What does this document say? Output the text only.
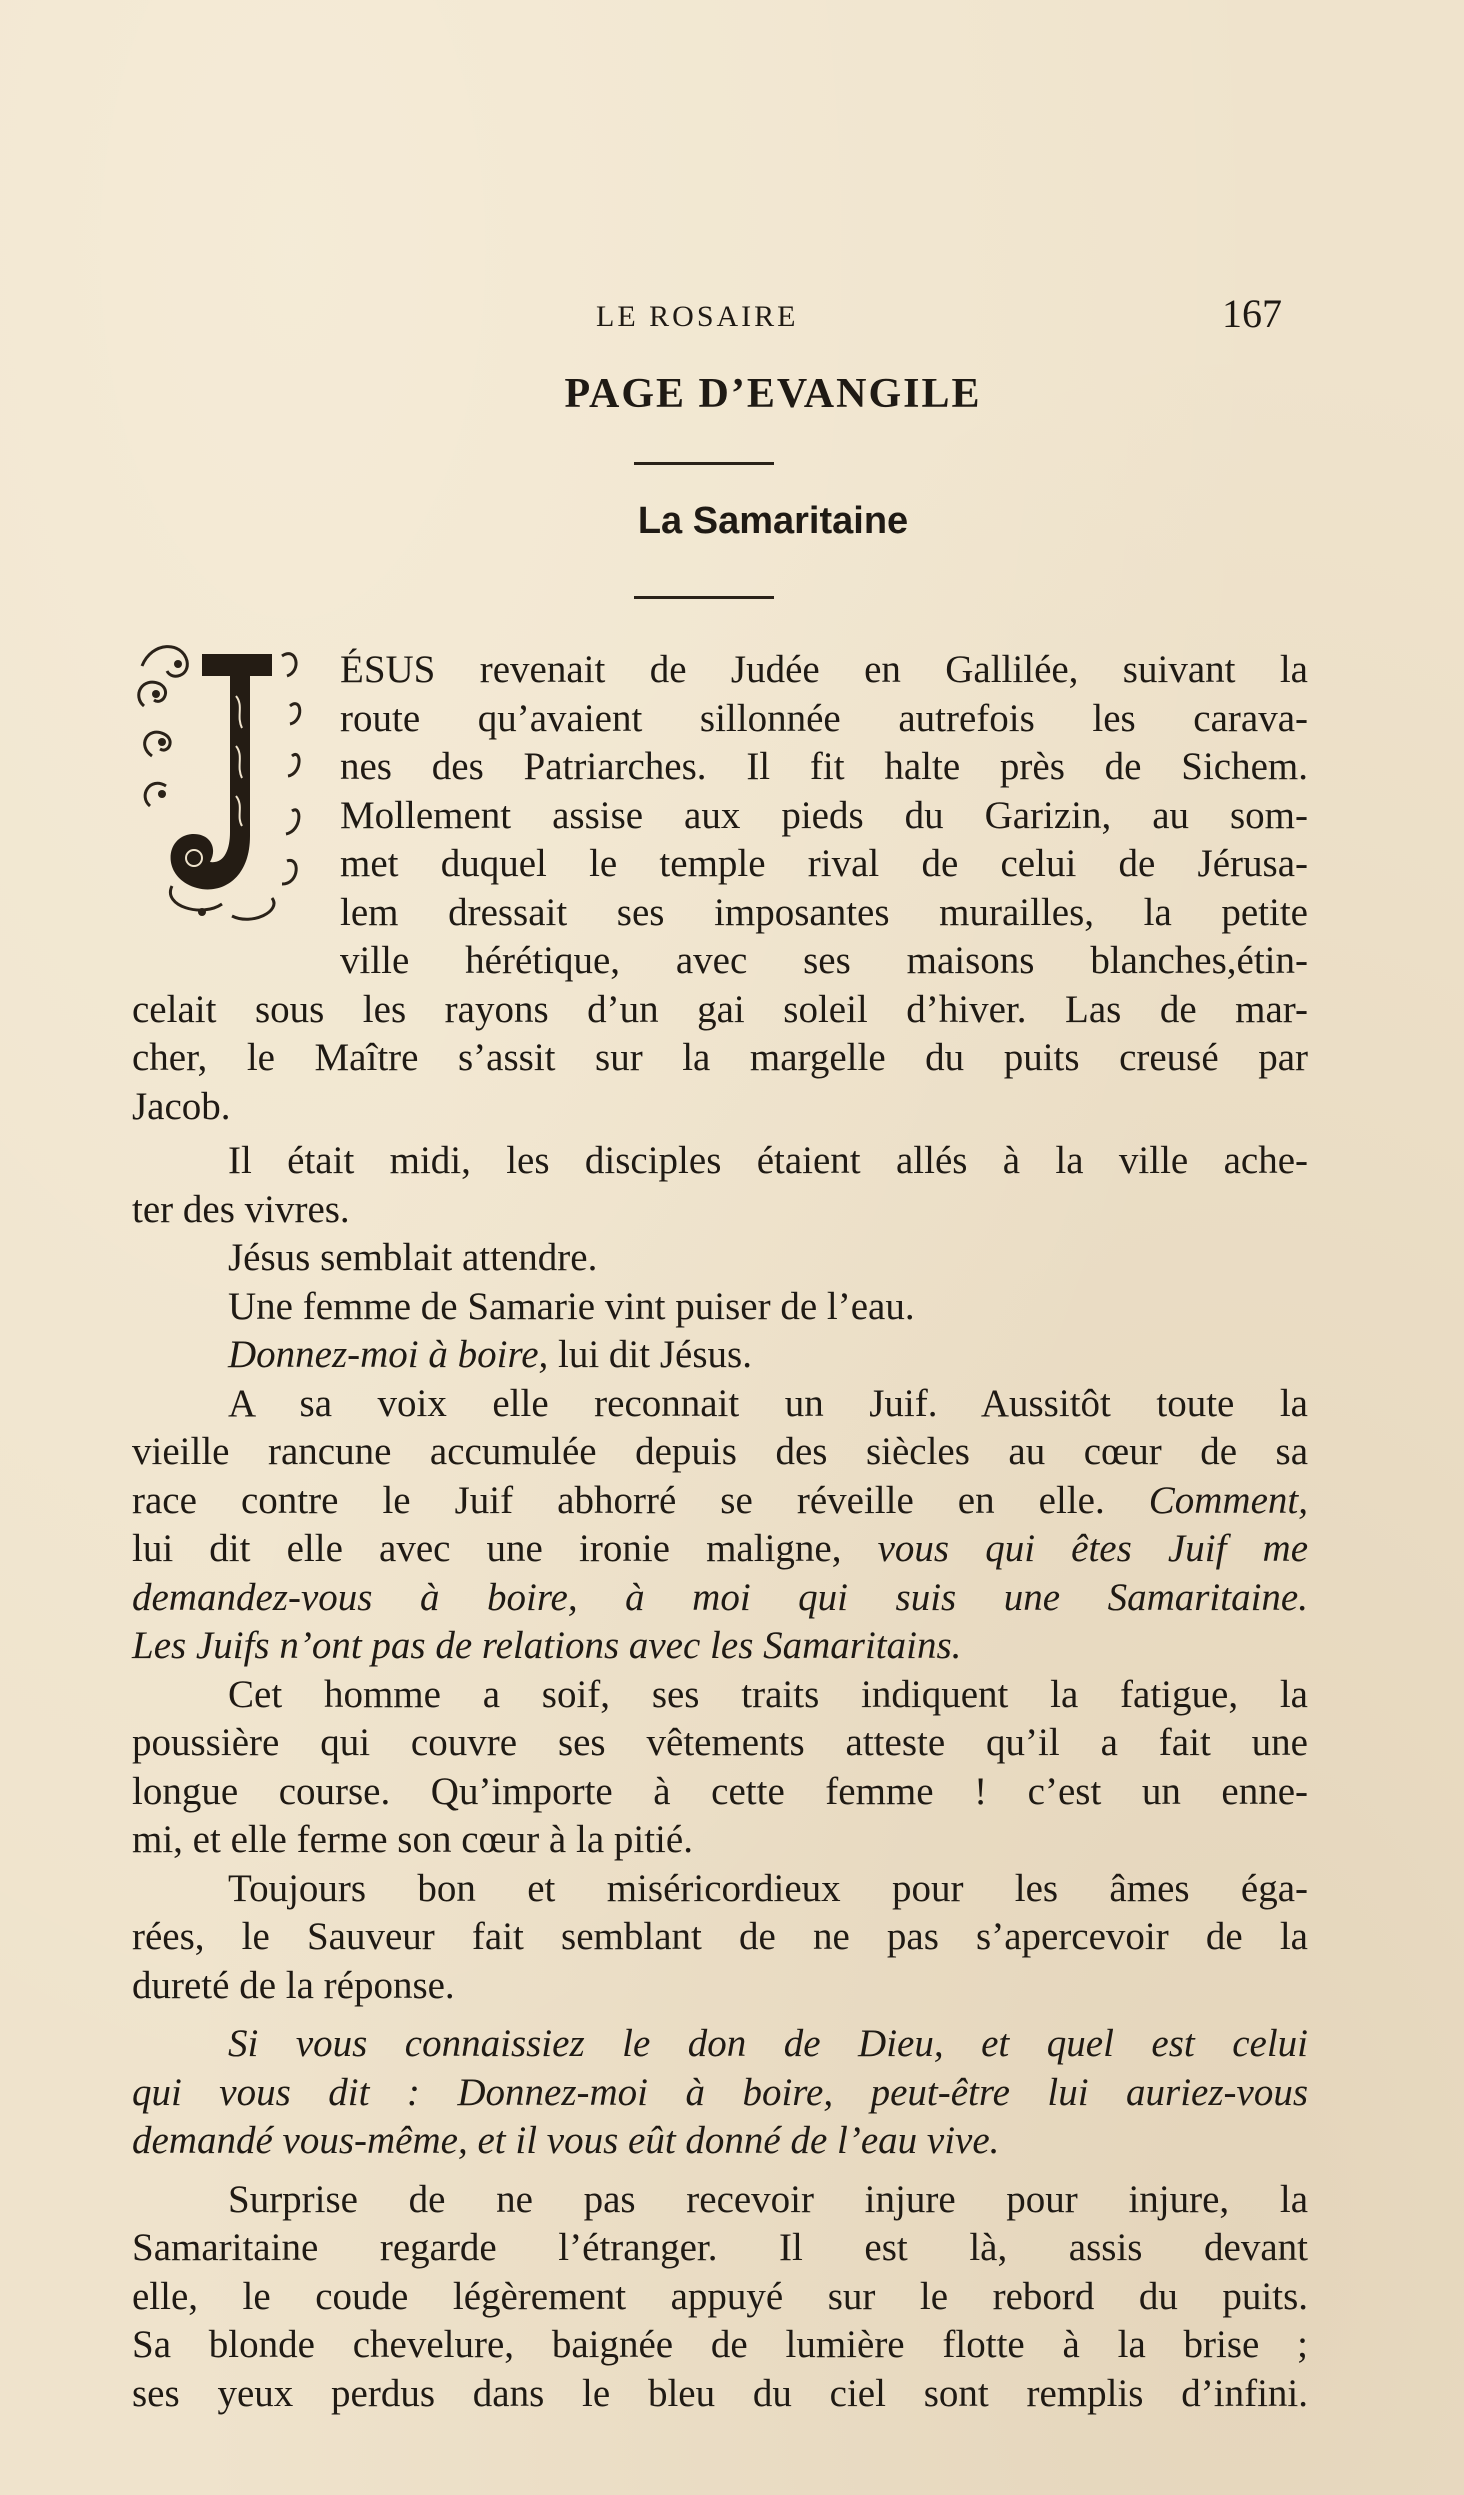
LE ROSAIRE	167
PAGE D’EVANGILE
La Samaritaine

ÉSUS revenait de Judée en Gallilée, suivant la
route qu’avaient sillonnée autrefois les carava-
nes des Patriarches. Il fit halte près de Sichem.
Mollement assise aux pieds du Garizin, au som-
met duquel le temple rival de celui de Jérusa-
lem dressait ses imposantes murailles, la petite
ville hérétique, avec ses maisons blanches,étin-
celait sous les rayons d’un gai soleil d’hiver. Las de mar-
cher, le Maître s’assit sur la margelle du puits creusé par
Jacob.

Il était midi, les disciples étaient allés à la ville ache-

ter des vivres.

Jésus semblait attendre.

Une femme de Samarie vint puiser de l’eau.

Donnez-moi à boire, lui dit Jésus.

A sa voix elle reconnait un Juif. Aussitôt toute la

vieille rancune accumulée depuis des siècles au cœur de sa
race contre le Juif abhorré se réveille en elle. Comment,
lui dit elle avec une ironie maligne, vous qui êtes Juif me
demandez-vous à boire, à moi qui suis une Samaritaine.
Les Juifs n’ont pas de relations avec les Samaritains.

Cet homme a soif, ses traits indiquent la fatigue, la

poussière qui couvre ses vêtements atteste qu’il a fait une
longue course. Qu’importe à cette femme ! c’est un enne-
mi, et elle ferme son cœur à la pitié.

Toujours bon et miséricordieux pour les âmes éga-

rées, le Sauveur fait semblant de ne pas s’apercevoir de la
dureté de la réponse.

Si vous connaissiez le don de Dieu, et quel est celui

qui vous dit : Donnez-moi à boire, peut-être lui auriez-vous
demandé vous-même, et il vous eût donné de l’eau vive.

Surprise de ne pas recevoir injure pour injure, la

Samaritaine regarde l’étranger. Il est là, assis devant
elle, le coude légèrement appuyé sur le rebord du puits.
Sa blonde chevelure, baignée de lumière flotte à la brise ;
ses yeux perdus dans le bleu du ciel sont remplis d’infini.
